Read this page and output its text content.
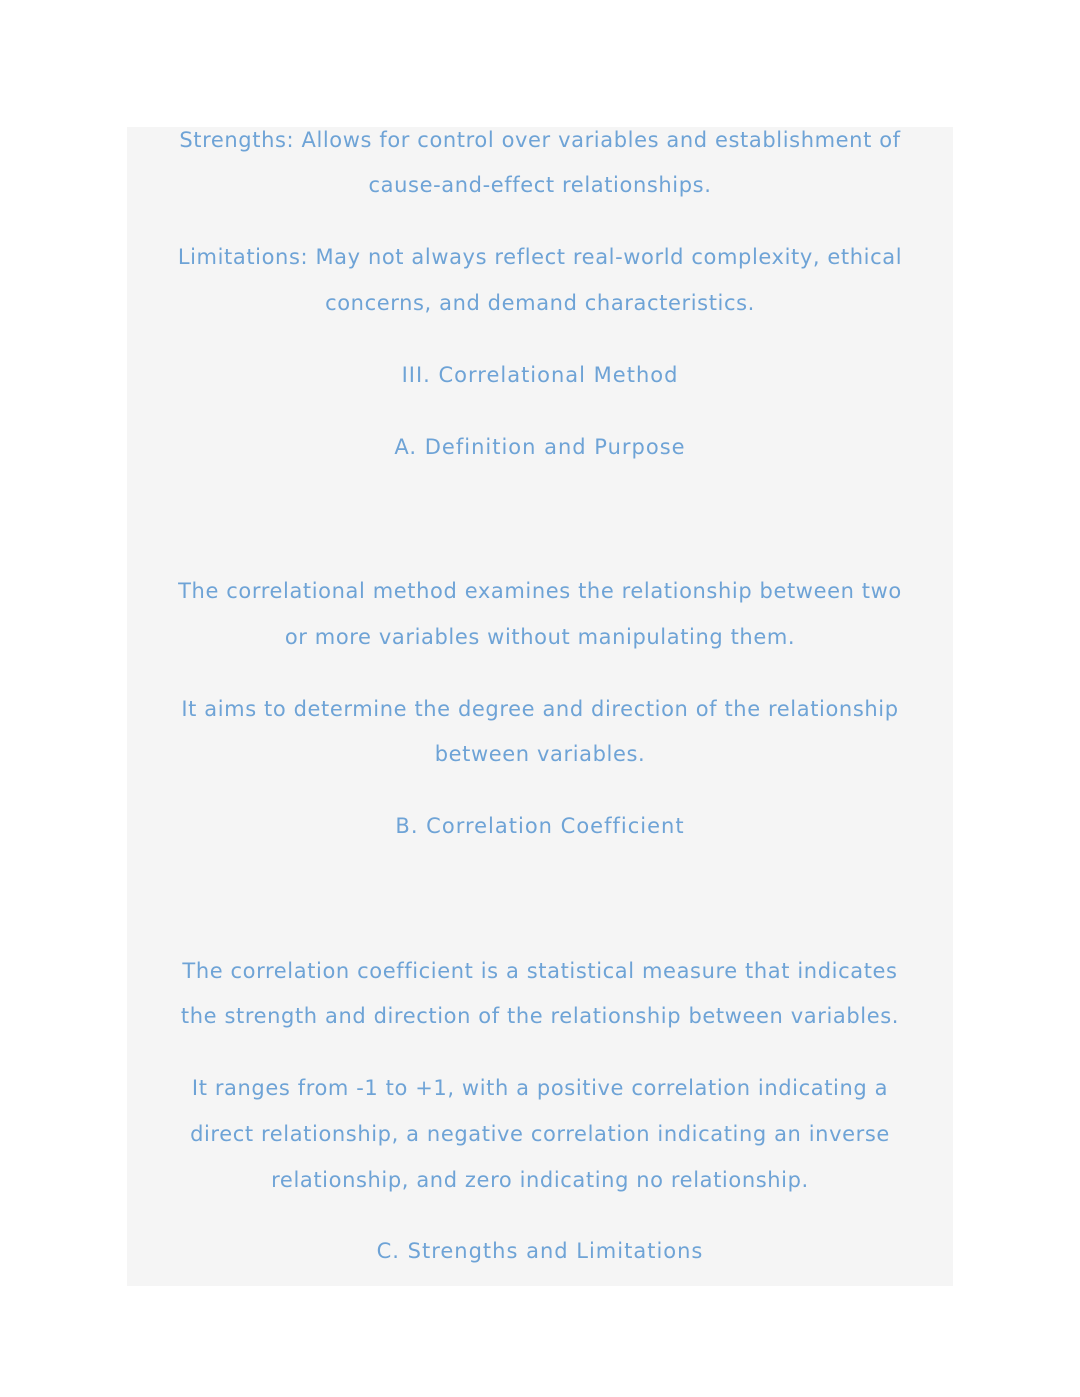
Strengths: Allows for control over variables and establishment of
cause-and-effect relationships.
Limitations: May not always reflect real-world complexity, ethical
concerns, and demand characteristics.
III. Correlational Method
A. Definition and Purpose
The correlational method examines the relationship between two
or more variables without manipulating them.
It aims to determine the degree and direction of the relationship
between variables.
B. Correlation Coefficient
The correlation coefficient is a statistical measure that indicates
the strength and direction of the relationship between variables.
It ranges from -1 to +1, with a positive correlation indicating a
direct relationship, a negative correlation indicating an inverse
relationship, and zero indicating no relationship.
C. Strengths and Limitations
